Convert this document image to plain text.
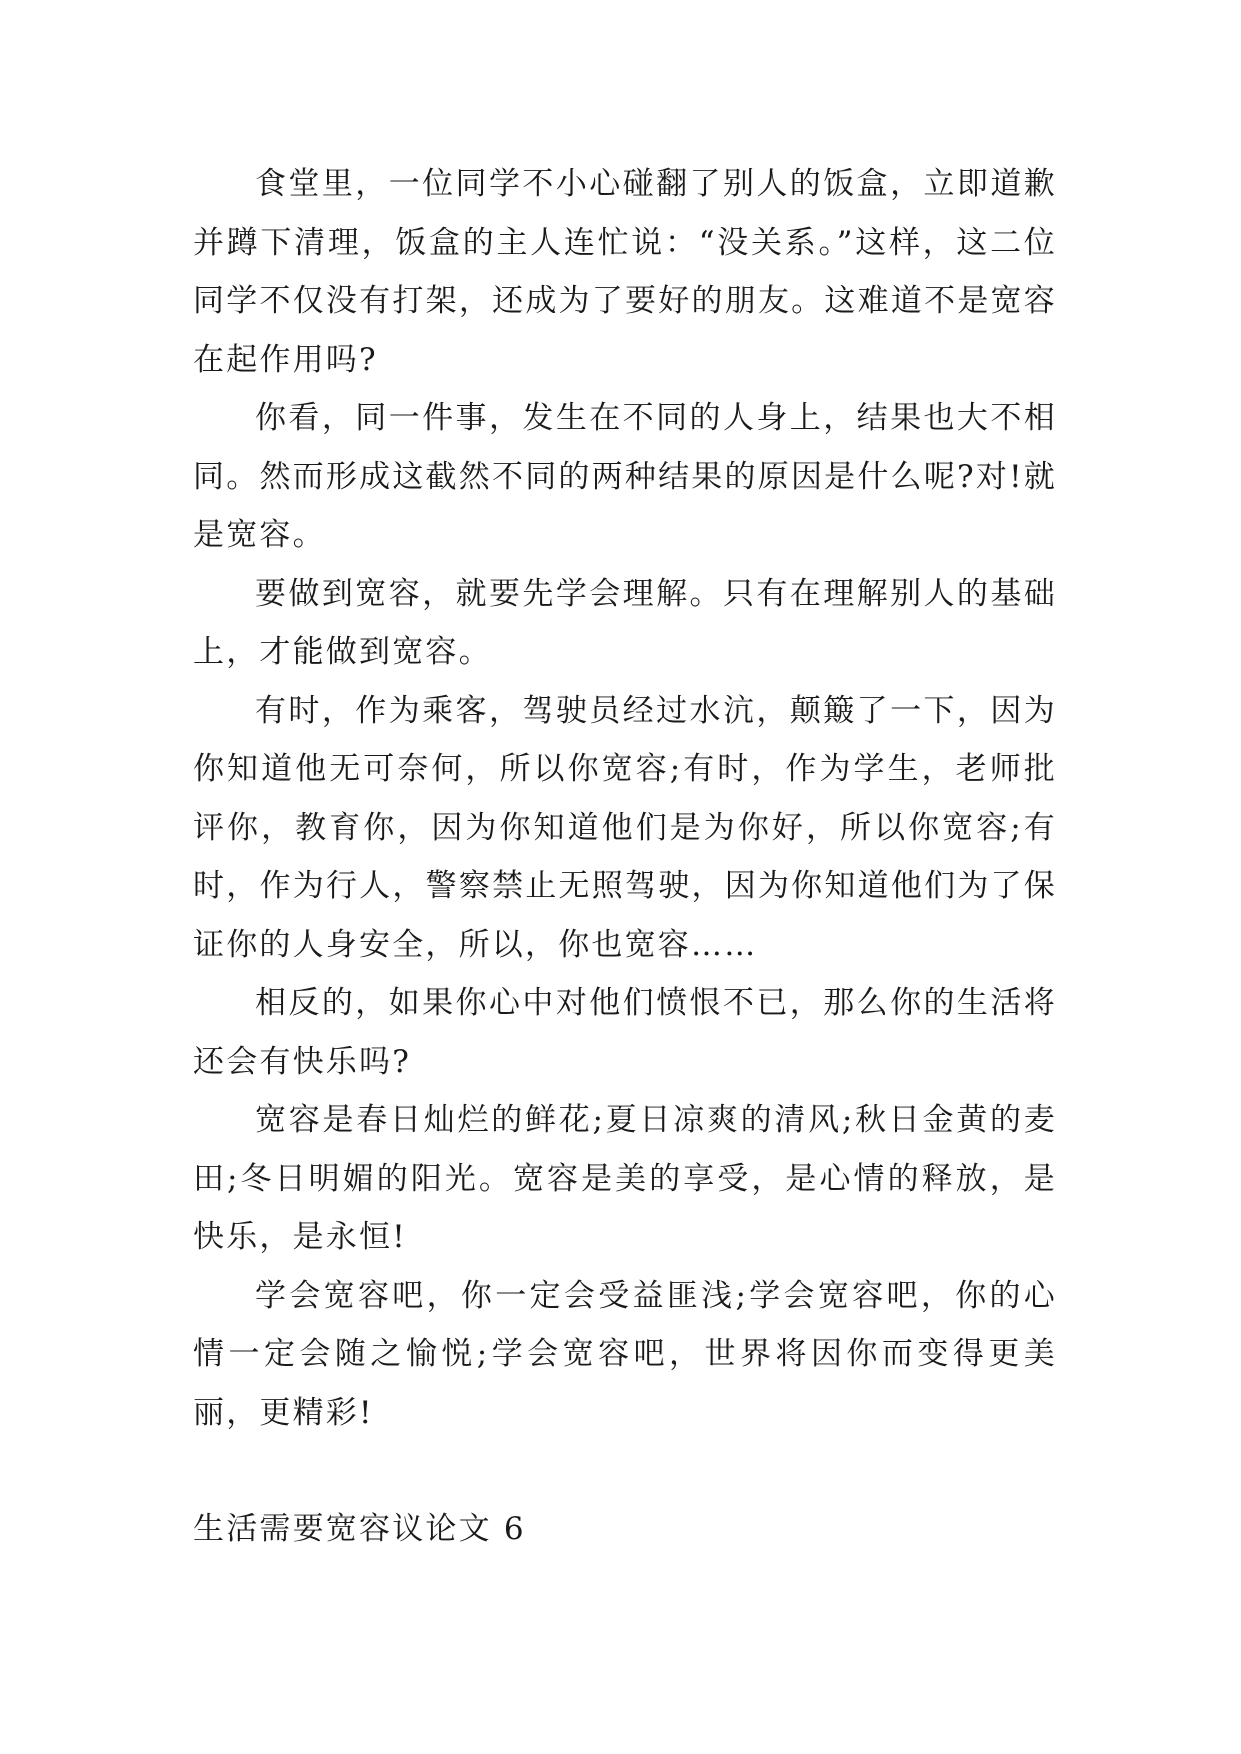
食堂里，一位同学不小心碰翻了别人的饭盒，立即道歉并蹲下清理，饭盒的主人连忙说：“没关系。”这样，这二位同学不仅没有打架，还成为了要好的朋友。这难道不是宽容在起作用吗?

你看，同一件事，发生在不同的人身上，结果也大不相同。然而形成这截然不同的两种结果的原因是什么呢?对!就是宽容。

要做到宽容，就要先学会理解。只有在理解别人的基础上，才能做到宽容。

有时，作为乘客，驾驶员经过水沆，颠簸了一下，因为你知道他无可奈何，所以你宽容;有时，作为学生，老师批评你，教育你，因为你知道他们是为你好，所以你宽容;有时，作为行人，警察禁止无照驾驶，因为你知道他们为了保证你的人身安全，所以，你也宽容……

相反的，如果你心中对他们愤恨不已，那么你的生活将还会有快乐吗?

宽容是春日灿烂的鲜花;夏日凉爽的清风;秋日金黄的麦田;冬日明媚的阳光。宽容是美的享受，是心情的释放，是快乐，是永恒!

学会宽容吧，你一定会受益匪浅;学会宽容吧，你的心情一定会随之愉悦;学会宽容吧，世界将因你而变得更美丽，更精彩!

生活需要宽容议论文 6
